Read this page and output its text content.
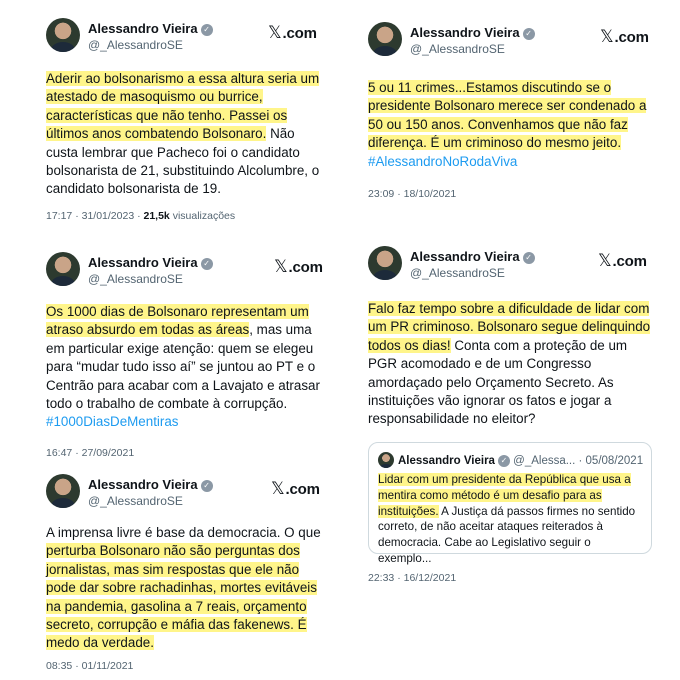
Alessandro Vieira ✓
@_AlessandroSE
𝕏.com
Aderir ao bolsonarismo a essa altura seria um atestado de masoquismo ou burrice, características que não tenho. Passei os últimos anos combatendo Bolsonaro. Não custa lembrar que Pacheco foi o candidato bolsonarista de 21, substituindo Alcolumbre, o candidato bolsonarista de 19.
17:17 · 31/01/2023 · 21,5k visualizações
Alessandro Vieira ✓
@_AlessandroSE
𝕏.com
5 ou 11 crimes...Estamos discutindo se o presidente Bolsonaro merece ser condenado a 50 ou 150 anos. Convenhamos que não faz diferença. É um criminoso do mesmo jeito. #AlessandroNoRodaViva
23:09 · 18/10/2021
Alessandro Vieira ✓
@_AlessandroSE
𝕏.com
Os 1000 dias de Bolsonaro representam um atraso absurdo em todas as áreas, mas uma em particular exige atenção: quem se elegeu para “mudar tudo isso aí” se juntou ao PT e o Centrão para acabar com a Lavajato e atrasar todo o trabalho de combate à corrupção. #1000DiasDeMentiras
16:47 · 27/09/2021
Alessandro Vieira ✓
@_AlessandroSE
𝕏.com
Falo faz tempo sobre a dificuldade de lidar com um PR criminoso. Bolsonaro segue delinquindo todos os dias! Conta com a proteção de um PGR acomodado e de um Congresso amordaçado pelo Orçamento Secreto. As instituições vão ignorar os fatos e jogar a responsabilidade no eleitor?
Alessandro Vieira ✓ @_Alessa... · 05/08/2021
Lidar com um presidente da República que usa a mentira como método é um desafio para as instituições. A Justiça dá passos firmes no sentido correto, de não aceitar ataques reiterados à democracia. Cabe ao Legislativo seguir o exemplo...
22:33 · 16/12/2021
Alessandro Vieira ✓
@_AlessandroSE
𝕏.com
A imprensa livre é base da democracia. O que perturba Bolsonaro não são perguntas dos jornalistas, mas sim respostas que ele não pode dar sobre rachadinhas, mortes evitáveis na pandemia, gasolina a 7 reais, orçamento secreto, corrupção e máfia das fakenews. É medo da verdade.
08:35 · 01/11/2021
